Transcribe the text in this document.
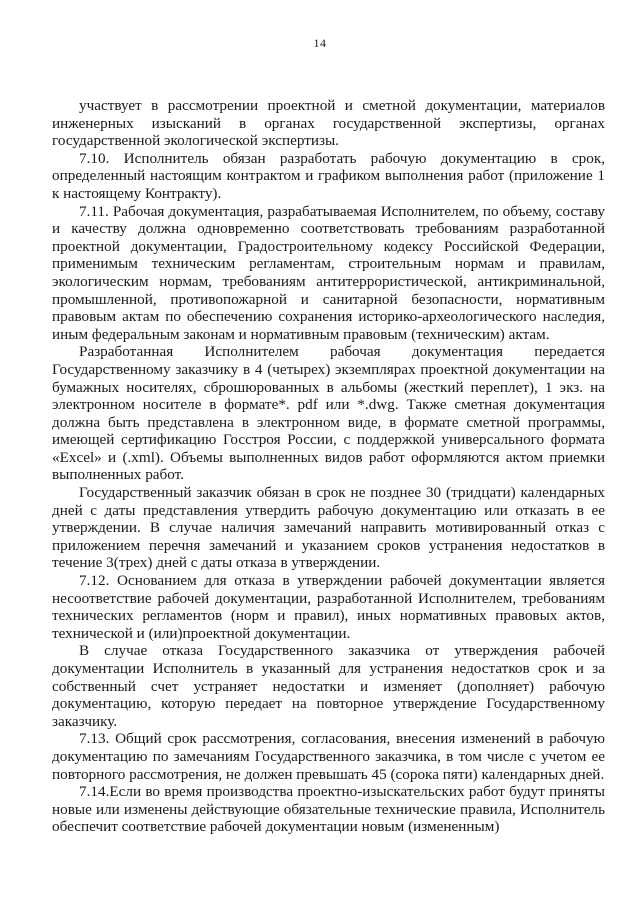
14

участвует в рассмотрении проектной и сметной документации, материалов инженерных изысканий в органах государственной экспертизы, органах государственной экологической экспертизы.

7.10. Исполнитель обязан разработать рабочую документацию в срок, определенный настоящим контрактом и графиком выполнения работ (приложение 1 к настоящему Контракту).

7.11. Рабочая документация, разрабатываемая Исполнителем, по объему, составу и качеству должна одновременно соответствовать требованиям разработанной проектной документации, Градостроительному кодексу Российской Федерации, применимым техническим регламентам, строительным нормам и правилам, экологическим нормам, требованиям антитеррористической, антикриминальной, промышленной, противопожарной и санитарной безопасности, нормативным правовым актам по обеспечению сохранения историко-археологического наследия, иным федеральным законам и нормативным правовым (техническим) актам.

Разработанная Исполнителем рабочая документация передается Государственному заказчику в 4 (четырех) экземплярах проектной документации на бумажных носителях, сброшюрованных в альбомы (жесткий переплет), 1 экз. на электронном носителе в формате*. pdf или *.dwg. Также сметная документация должна быть представлена в электронном виде, в формате сметной программы, имеющей сертификацию Госстроя России, с поддержкой универсального формата «Excel» и (.xml). Объемы выполненных видов работ оформляются актом приемки выполненных работ.

Государственный заказчик обязан в срок не позднее 30 (тридцати) календарных дней с даты представления утвердить рабочую документацию или отказать в ее утверждении. В случае наличия замечаний направить мотивированный отказ с приложением перечня замечаний и указанием сроков устранения недостатков в течение 3(трех) дней с даты отказа в утверждении.

7.12. Основанием для отказа в утверждении рабочей документации является несоответствие рабочей документации, разработанной Исполнителем, требованиям технических регламентов (норм и правил), иных нормативных правовых актов, технической и (или)проектной документации.

В случае отказа Государственного заказчика от утверждения рабочей документации Исполнитель в указанный для устранения недостатков срок и за собственный счет устраняет недостатки и изменяет (дополняет) рабочую документацию, которую передает на повторное утверждение Государственному заказчику.

7.13. Общий срок рассмотрения, согласования, внесения изменений в рабочую документацию по замечаниям Государственного заказчика, в том числе с учетом ее повторного рассмотрения, не должен превышать 45 (сорока пяти) календарных дней.

7.14.Если во время производства проектно-изыскательских работ будут приняты новые или изменены действующие обязательные технические правила, Исполнитель обеспечит соответствие рабочей документации новым (измененным)
